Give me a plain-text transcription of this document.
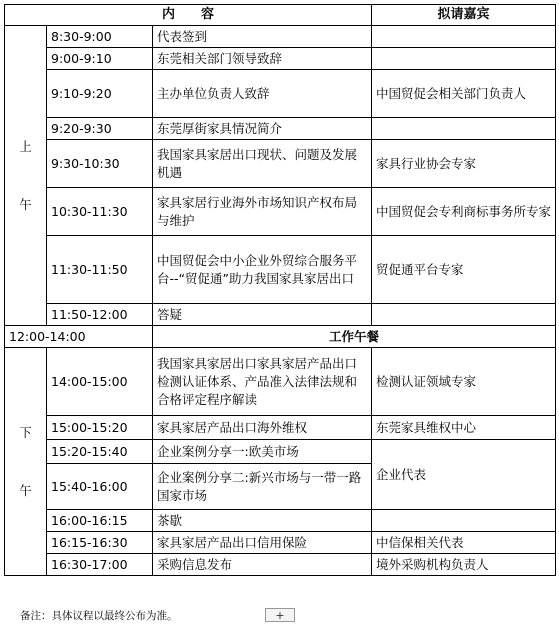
内　　容			拟请嘉宾

上
午	8:30-9:00	代表签到	
	9:00-9:10	东莞相关部门领导致辞	
	9:10-9:20	主办单位负责人致辞	中国贸促会相关部门负责人
	9:20-9:30	东莞厚街家具情况简介	
	9:30-10:30	我国家具家居出口现状、问题及发展机遇	家具行业协会专家
	10:30-11:30	家具家居行业海外市场知识产权布局与维护	中国贸促会专利商标事务所专家
	11:30-11:50	中国贸促会中小企业外贸综合服务平台--“贸促通”助力我国家具家居出口	贸促通平台专家
	11:50-12:00	答疑	
12:00-14:00		工作午餐	

下
午	14:00-15:00	我国家具家居出口家具家居产品出口检测认证体系、产品准入法律法规和合格评定程序解读	检测认证领域专家
	15:00-15:20	家具家居产品出口海外维权	东莞家具维权中心
	15:20-15:40	企业案例分享一:欧美市场	企业代表
	15:40-16:00	企业案例分享二:新兴市场与一带一路国家市场	
	16:00-16:15	茶歇	
	16:15-16:30	家具家居产品出口信用保险	中信保相关代表
	16:30-17:00	采购信息发布	境外采购机构负责人
备注：具体议程以最终公布为准。	+
